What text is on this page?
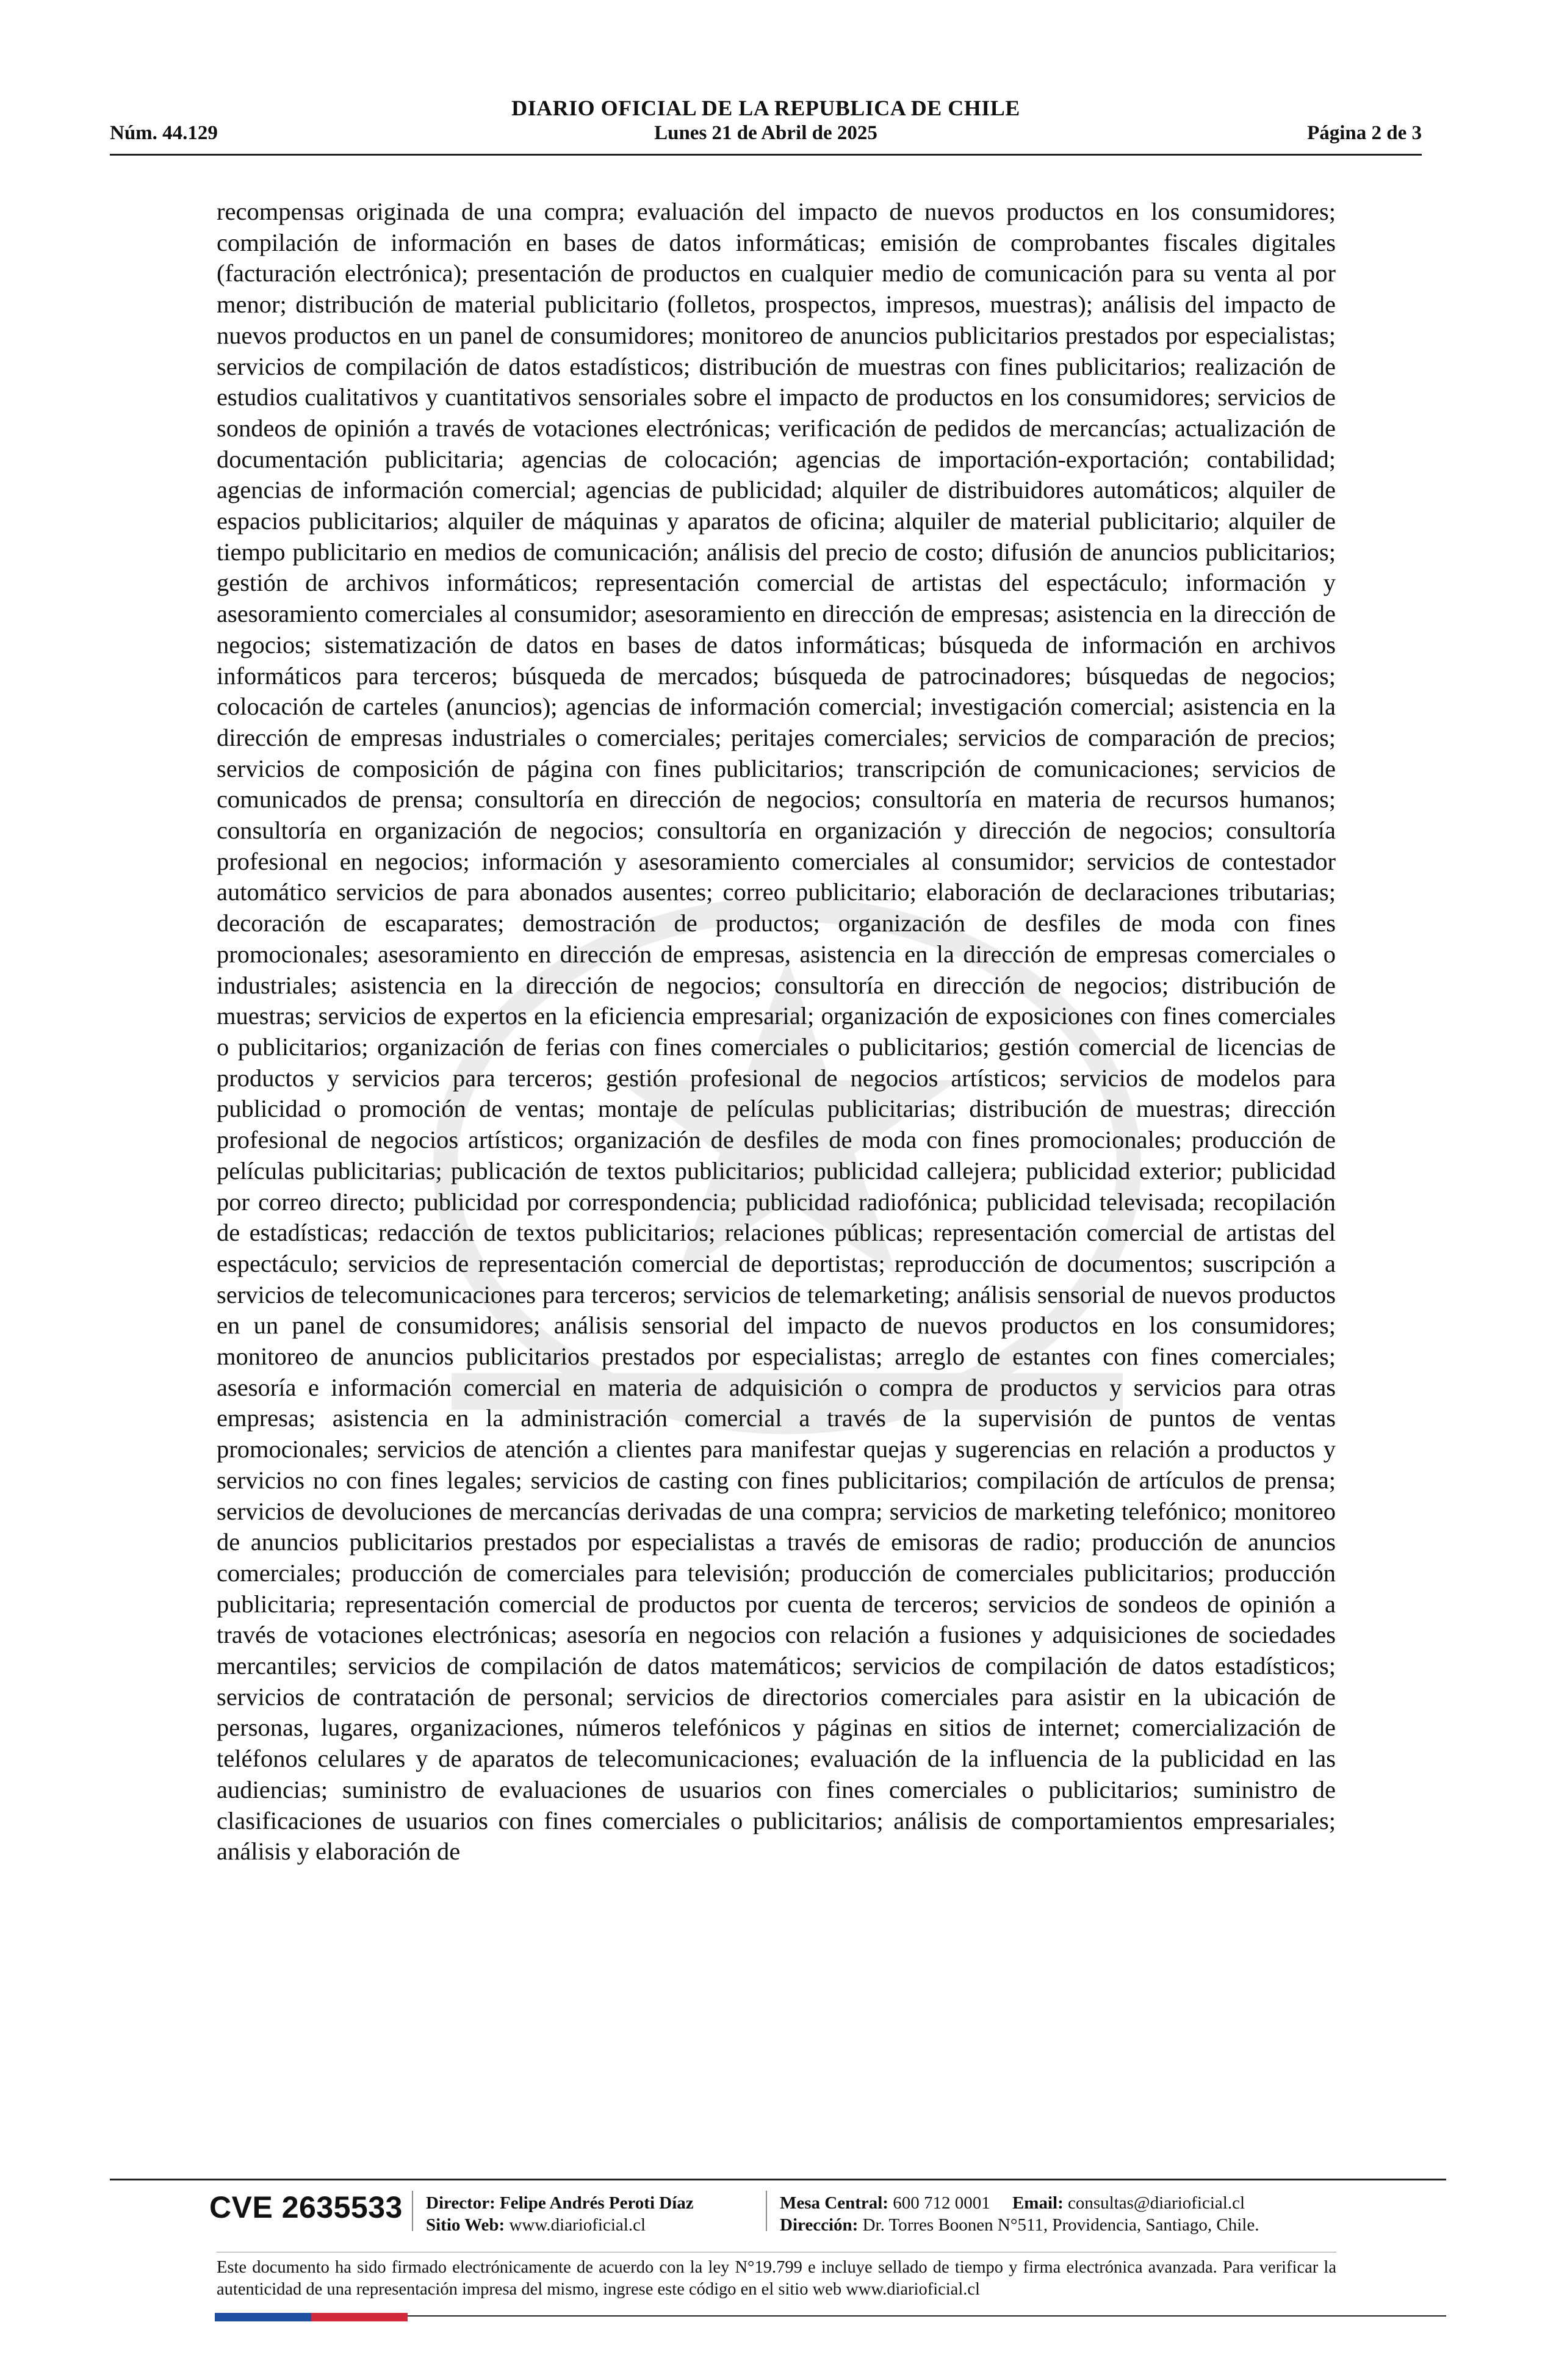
DIARIO OFICIAL DE LA REPUBLICA DE CHILE
Núm. 44.129	Lunes 21 de Abril de 2025	Página 2 de 3
recompensas originada de una compra; evaluación del impacto de nuevos productos en los consumidores; compilación de información en bases de datos informáticas; emisión de comprobantes fiscales digitales (facturación electrónica); presentación de productos en cualquier medio de comunicación para su venta al por menor; distribución de material publicitario (folletos, prospectos, impresos, muestras); análisis del impacto de nuevos productos en un panel de consumidores; monitoreo de anuncios publicitarios prestados por especialistas; servicios de compilación de datos estadísticos; distribución de muestras con fines publicitarios; realización de estudios cualitativos y cuantitativos sensoriales sobre el impacto de productos en los consumidores; servicios de sondeos de opinión a través de votaciones electrónicas; verificación de pedidos de mercancías; actualización de documentación publicitaria; agencias de colocación; agencias de importación-exportación; contabilidad; agencias de información comercial; agencias de publicidad; alquiler de distribuidores automáticos; alquiler de espacios publicitarios; alquiler de máquinas y aparatos de oficina; alquiler de material publicitario; alquiler de tiempo publicitario en medios de comunicación; análisis del precio de costo; difusión de anuncios publicitarios; gestión de archivos informáticos; representación comercial de artistas del espectáculo; información y asesoramiento comerciales al consumidor; asesoramiento en dirección de empresas; asistencia en la dirección de negocios; sistematización de datos en bases de datos informáticas; búsqueda de información en archivos informáticos para terceros; búsqueda de mercados; búsqueda de patrocinadores; búsquedas de negocios; colocación de carteles (anuncios); agencias de información comercial; investigación comercial; asistencia en la dirección de empresas industriales o comerciales; peritajes comerciales; servicios de comparación de precios; servicios de composición de página con fines publicitarios; transcripción de comunicaciones; servicios de comunicados de prensa; consultoría en dirección de negocios; consultoría en materia de recursos humanos; consultoría en organización de negocios; consultoría en organización y dirección de negocios; consultoría profesional en negocios; información y asesoramiento comerciales al consumidor; servicios de contestador automático servicios de para abonados ausentes; correo publicitario; elaboración de declaraciones tributarias; decoración de escaparates; demostración de productos; organización de desfiles de moda con fines promocionales; asesoramiento en dirección de empresas, asistencia en la dirección de empresas comerciales o industriales; asistencia en la dirección de negocios; consultoría en dirección de negocios; distribución de muestras; servicios de expertos en la eficiencia empresarial; organización de exposiciones con fines comerciales o publicitarios; organización de ferias con fines comerciales o publicitarios; gestión comercial de licencias de productos y servicios para terceros; gestión profesional de negocios artísticos; servicios de modelos para publicidad o promoción de ventas; montaje de películas publicitarias; distribución de muestras; dirección profesional de negocios artísticos; organización de desfiles de moda con fines promocionales; producción de películas publicitarias; publicación de textos publicitarios; publicidad callejera; publicidad exterior; publicidad por correo directo; publicidad por correspondencia; publicidad radiofónica; publicidad televisada; recopilación de estadísticas; redacción de textos publicitarios; relaciones públicas; representación comercial de artistas del espectáculo; servicios de representación comercial de deportistas; reproducción de documentos; suscripción a servicios de telecomunicaciones para terceros; servicios de telemarketing; análisis sensorial de nuevos productos en un panel de consumidores; análisis sensorial del impacto de nuevos productos en los consumidores; monitoreo de anuncios publicitarios prestados por especialistas; arreglo de estantes con fines comerciales; asesoría e información comercial en materia de adquisición o compra de productos y servicios para otras empresas; asistencia en la administración comercial a través de la supervisión de puntos de ventas promocionales; servicios de atención a clientes para manifestar quejas y sugerencias en relación a productos y servicios no con fines legales; servicios de casting con fines publicitarios; compilación de artículos de prensa; servicios de devoluciones de mercancías derivadas de una compra; servicios de marketing telefónico; monitoreo de anuncios publicitarios prestados por especialistas a través de emisoras de radio; producción de anuncios comerciales; producción de comerciales para televisión; producción de comerciales publicitarios; producción publicitaria; representación comercial de productos por cuenta de terceros; servicios de sondeos de opinión a través de votaciones electrónicas; asesoría en negocios con relación a fusiones y adquisiciones de sociedades mercantiles; servicios de compilación de datos matemáticos; servicios de compilación de datos estadísticos; servicios de contratación de personal; servicios de directorios comerciales para asistir en la ubicación de personas, lugares, organizaciones, números telefónicos y páginas en sitios de internet; comercialización de teléfonos celulares y de aparatos de telecomunicaciones; evaluación de la influencia de la publicidad en las audiencias; suministro de evaluaciones de usuarios con fines comerciales o publicitarios; suministro de clasificaciones de usuarios con fines comerciales o publicitarios; análisis de comportamientos empresariales; análisis y elaboración de
CVE 2635533 Director: Felipe Andrés Peroti Díaz
Sitio Web: www.diarioficial.cl
Mesa Central: 600 712 0001 Email: consultas@diarioficial.cl
Dirección: Dr. Torres Boonen N°511, Providencia, Santiago, Chile.
Este documento ha sido firmado electrónicamente de acuerdo con la ley N°19.799 e incluye sellado de tiempo y firma electrónica avanzada. Para verificar la autenticidad de una representación impresa del mismo, ingrese este código en el sitio web www.diarioficial.cl
